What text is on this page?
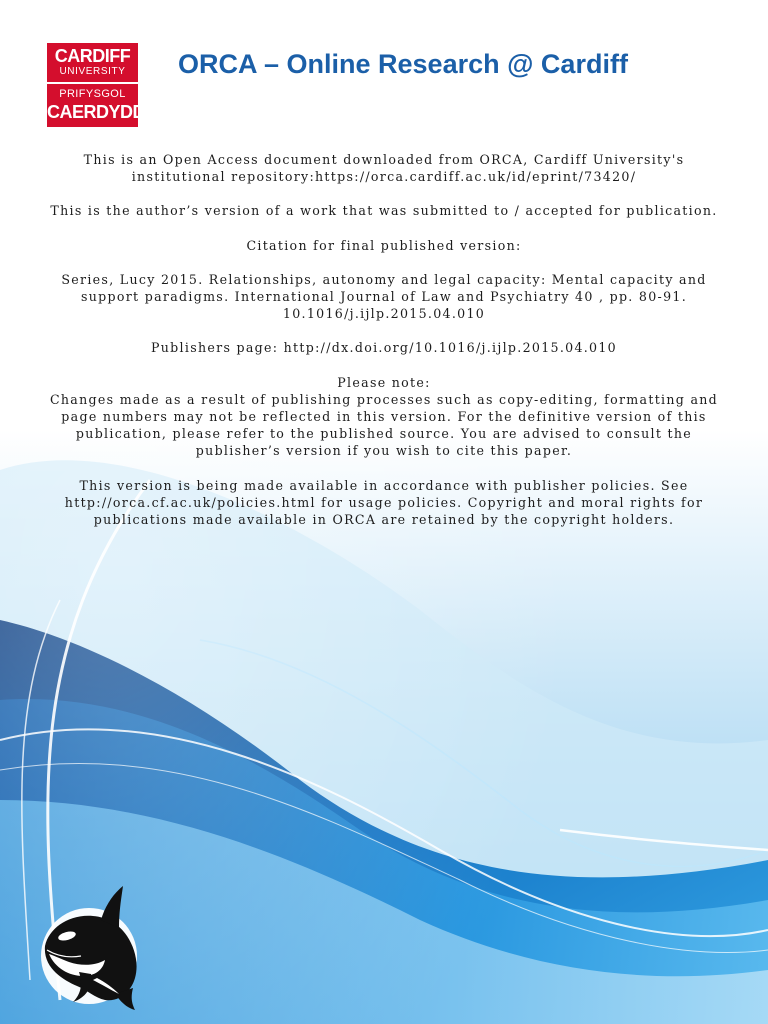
CARDIFF
UNIVERSITY
PRIFYSGOL
CAERDYDD
ORCA – Online Research @ Cardiff

This is an Open Access document downloaded from ORCA, Cardiff University's institutional repository:https://orca.cardiff.ac.uk/id/eprint/73420/

This is the author’s version of a work that was submitted to / accepted for publication.

Citation for final published version:

Series, Lucy 2015. Relationships, autonomy and legal capacity: Mental capacity and support paradigms. International Journal of Law and Psychiatry 40 , pp. 80-91. 10.1016/j.ijlp.2015.04.010

Publishers page: http://dx.doi.org/10.1016/j.ijlp.2015.04.010

Please note:

Changes made as a result of publishing processes such as copy-editing, formatting and page numbers may not be reflected in this version. For the definitive version of this publication, please refer to the published source. You are advised to consult the publisher’s version if you wish to cite this paper.

This version is being made available in accordance with publisher policies. See http://orca.cf.ac.uk/policies.html for usage policies. Copyright and moral rights for publications made available in ORCA are retained by the copyright holders.
